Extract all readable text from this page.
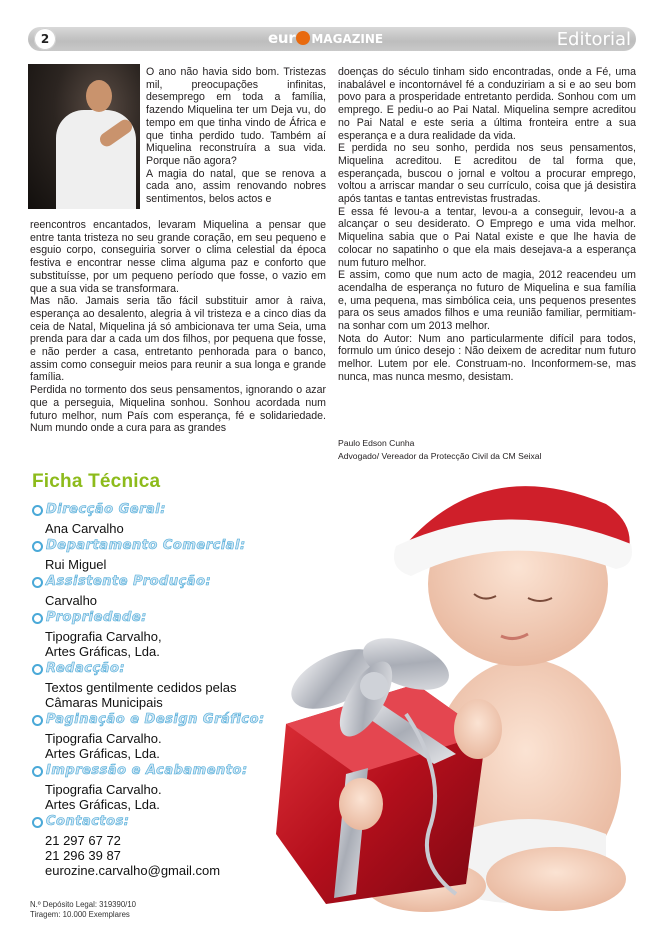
2	eur MAGAZINE	Editorial

O ano não havia sido bom. Tristezas mil, preocupações infinitas, desemprego em toda a família, fazendo Miquelina ter um Deja vu, do tempo em que tinha vindo de África e que tinha perdido tudo. Também aí Miquelina reconstruíra a sua vida. Porque não agora?

A magia do natal, que se renova a cada ano, assim renovando nobres sentimentos, belos actos e

reencontros encantados, levaram Miquelina a pensar que entre tanta tristeza no seu grande coração, em seu pequeno e esguio corpo, conseguiria sorver o clima celestial da época festiva e encontrar nesse clima alguma paz e conforto que substituísse, por um pequeno período que fosse, o vazio em que a sua vida se transformara.

Mas não. Jamais seria tão fácil substituir amor à raiva, esperança ao desalento, alegria à vil tristeza e a cinco dias da ceia de Natal, Miquelina já só ambicionava ter uma Seia, uma prenda para dar a cada um dos filhos, por pequena que fosse, e não perder a casa, entretanto penhorada para o banco, assim como conseguir meios para reunir a sua longa e grande família.

Perdida no tormento dos seus pensamentos, ignorando o azar que a perseguia, Miquelina sonhou. Sonhou acordada num futuro melhor, num País com esperança, fé e solidariedade. Num mundo onde a cura para as grandes

doenças do século tinham sido encontradas, onde a Fé, uma inabalável e incontornável fé a conduziriam a si e ao seu bom povo para a prosperidade entretanto perdida. Sonhou com um emprego. E pediu-o ao Pai Natal. Miquelina sempre acreditou no Pai Natal e este seria a última fronteira entre a sua esperança e a dura realidade da vida.

E perdida no seu sonho, perdida nos seus pensamentos, Miquelina acreditou. E acreditou de tal forma que, esperançada, buscou o jornal e voltou a procurar emprego, voltou a arriscar mandar o seu currículo, coisa que já desistira após tantas e tantas entrevistas frustradas.

E essa fé levou-a a tentar, levou-a a conseguir, levou-a a alcançar o seu desiderato. O Emprego e uma vida melhor. Miquelina sabia que o Pai Natal existe e que lhe havia de colocar no sapatinho o que ela mais desejava-a a esperança num futuro melhor.

E assim, como que num acto de magia, 2012 reacendeu um acendalha de esperança no futuro de Miquelina e sua família e, uma pequena, mas simbólica ceia, uns pequenos presentes para os seus amados filhos e uma reunião familiar, permitiam-na sonhar com um 2013 melhor.

Nota do Autor: Num ano particularmente difícil para todos, formulo um único desejo : Não deixem de acreditar num futuro melhor. Lutem por ele. Construam-no. Inconformem-se, mas nunca, mas nunca mesmo, desistam.

Paulo Edson Cunha
Advogado/ Vereador da Protecção Civil da CM Seixal
Ficha Técnica
Direcção Geral:
Ana Carvalho
Departamento Comercial:
Rui Miguel
Assistente Produção:
Carvalho
Propriedade:
Tipografia Carvalho,
Artes Gráficas, Lda.
Redacção:
Textos gentilmente cedidos pelas
Câmaras Municipais
Paginação e Design Gráfico:
Tipografia Carvalho.
Artes Gráficas, Lda.
Impressão e Acabamento:
Tipografia Carvalho.
Artes Gráficas, Lda.
Contactos:
21 297 67 72
21 296 39 87
eurozine.carvalho@gmail.com
N.º Depósito Legal: 319390/10
Tiragem: 10.000 Exemplares
